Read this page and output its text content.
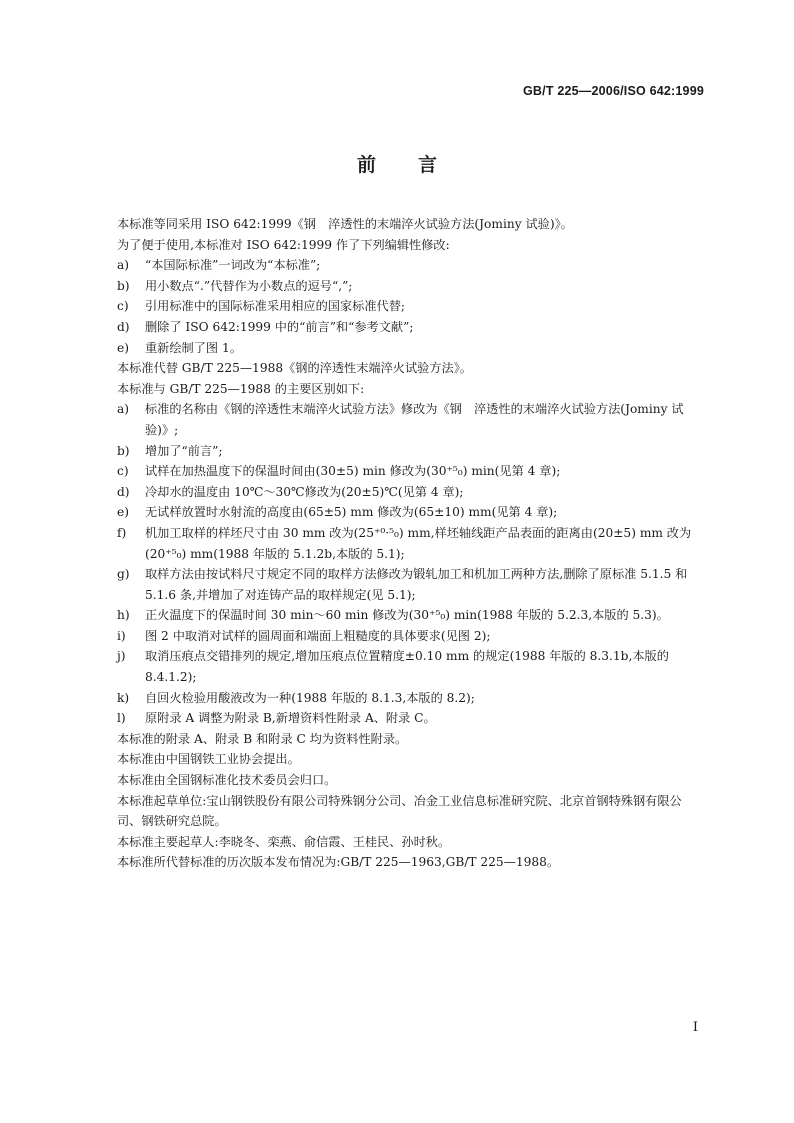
GB/T 225—2006/ISO 642:1999
前 言

本标准等同采用 ISO 642:1999《钢　淬透性的末端淬火试验方法(Jominy 试验)》。

为了便于使用,本标准对 ISO 642:1999 作了下列编辑性修改:

a)	“本国际标准”一词改为“本标准”;
b)	用小数点“.”代替作为小数点的逗号“,”;
c)	引用标准中的国际标准采用相应的国家标准代替;
d)	删除了 ISO 642:1999 中的“前言”和“参考文献”;
e)	重新绘制了图 1。

本标准代替 GB/T 225—1988《钢的淬透性末端淬火试验方法》。

本标准与 GB/T 225—1988 的主要区别如下:

a)	标准的名称由《钢的淬透性末端淬火试验方法》修改为《钢　淬透性的末端淬火试验方法(Jominy 试验)》;
b)	增加了“前言”;
c)	试样在加热温度下的保温时间由(30±5) min 修改为(30⁺⁵₀) min(见第 4 章);
d)	冷却水的温度由 10℃～30℃修改为(20±5)℃(见第 4 章);
e)	无试样放置时水射流的高度由(65±5) mm 修改为(65±10) mm(见第 4 章);
f)	机加工取样的样坯尺寸由 30 mm 改为(25⁺⁰·⁵₀) mm,样坯轴线距产品表面的距离由(20±5) mm 改为(20⁺⁵₀) mm(1988 年版的 5.1.2b,本版的 5.1);
g)	取样方法由按试料尺寸规定不同的取样方法修改为锻轧加工和机加工两种方法,删除了原标准 5.1.5 和 5.1.6 条,并增加了对连铸产品的取样规定(见 5.1);
h)	正火温度下的保温时间 30 min～60 min 修改为(30⁺⁵₀) min(1988 年版的 5.2.3,本版的 5.3)。
i)	图 2 中取消对试样的圆周面和端面上粗糙度的具体要求(见图 2);
j)	取消压痕点交错排列的规定,增加压痕点位置精度±0.10 mm 的规定(1988 年版的 8.3.1b,本版的 8.4.1.2);
k)	自回火检验用酸液改为一种(1988 年版的 8.1.3,本版的 8.2);
l)	原附录 A 调整为附录 B,新增资料性附录 A、附录 C。

本标准的附录 A、附录 B 和附录 C 均为资料性附录。

本标准由中国钢铁工业协会提出。

本标准由全国钢标准化技术委员会归口。

本标准起草单位:宝山钢铁股份有限公司特殊钢分公司、冶金工业信息标准研究院、北京首钢特殊钢有限公司、钢铁研究总院。

本标准主要起草人:李晓冬、栾燕、俞信霞、王桂民、孙时秋。

本标准所代替标准的历次版本发布情况为:GB/T 225—1963,GB/T 225—1988。

I
